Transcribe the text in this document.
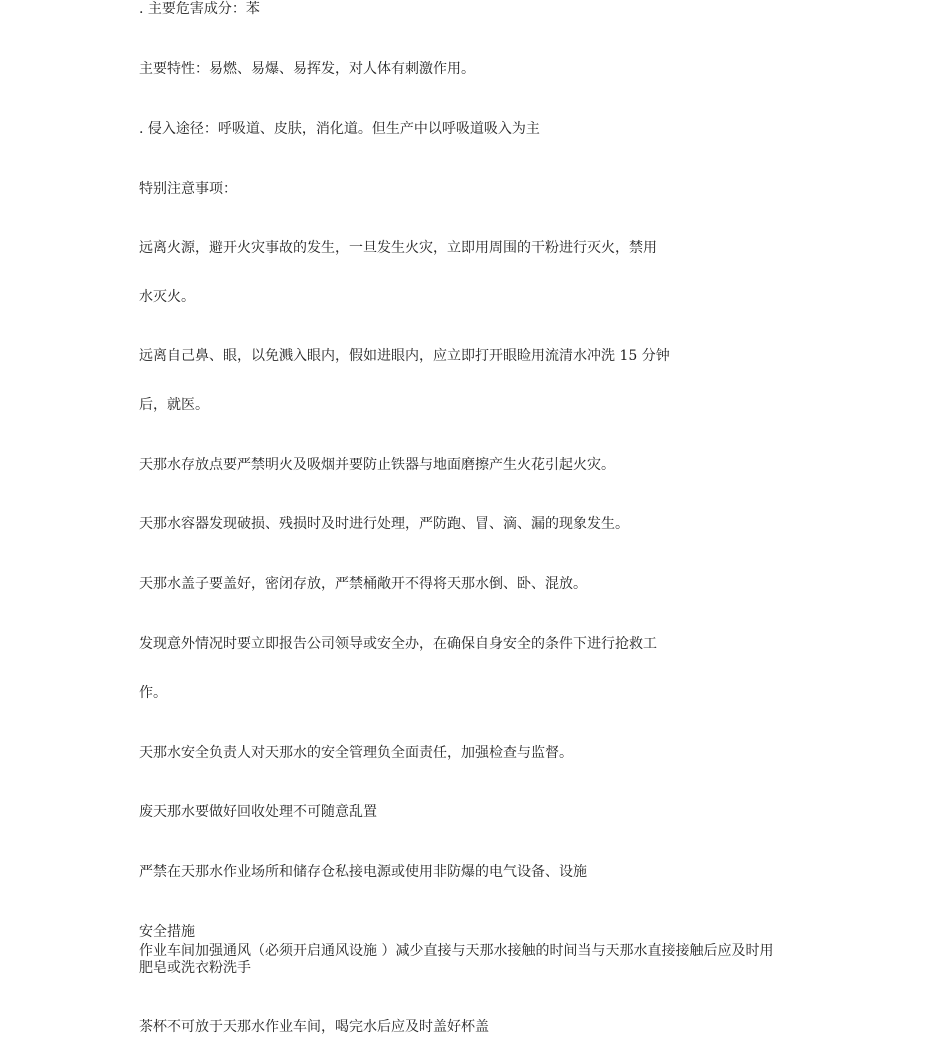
. 主要危害成分：苯

主要特性：易燃、易爆、易挥发，对人体有刺激作用。

. 侵入途径：呼吸道、皮肤，消化道。但生产中以呼吸道吸入为主

特别注意事项：

远离火源，避开火灾事故的发生，一旦发生火灾，立即用周围的干粉进行灭火，禁用

水灭火。

远离自己鼻、眼，以免溅入眼内，假如进眼内，应立即打开眼睑用流清水冲洗 15 分钟

后，就医。

天那水存放点要严禁明火及吸烟并要防止铁器与地面磨擦产生火花引起火灾。

天那水容器发现破损、残损时及时进行处理，严防跑、冒、滴、漏的现象发生。

天那水盖子要盖好，密闭存放，严禁桶敞开不得将天那水倒、卧、混放。

发现意外情况时要立即报告公司领导或安全办，在确保自身安全的条件下进行抢救工

作。

天那水安全负责人对天那水的安全管理负全面责任，加强检查与监督。

废天那水要做好回收处理不可随意乱置

严禁在天那水作业场所和储存仓私接电源或使用非防爆的电气设备、设施

安全措施

作业车间加强通风（必须开启通风设施 ）减少直接与天那水接触的时间当与天那水直接接触后应及时用

肥皂或洗衣粉洗手

茶杯不可放于天那水作业车间，喝完水后应及时盖好杯盖
